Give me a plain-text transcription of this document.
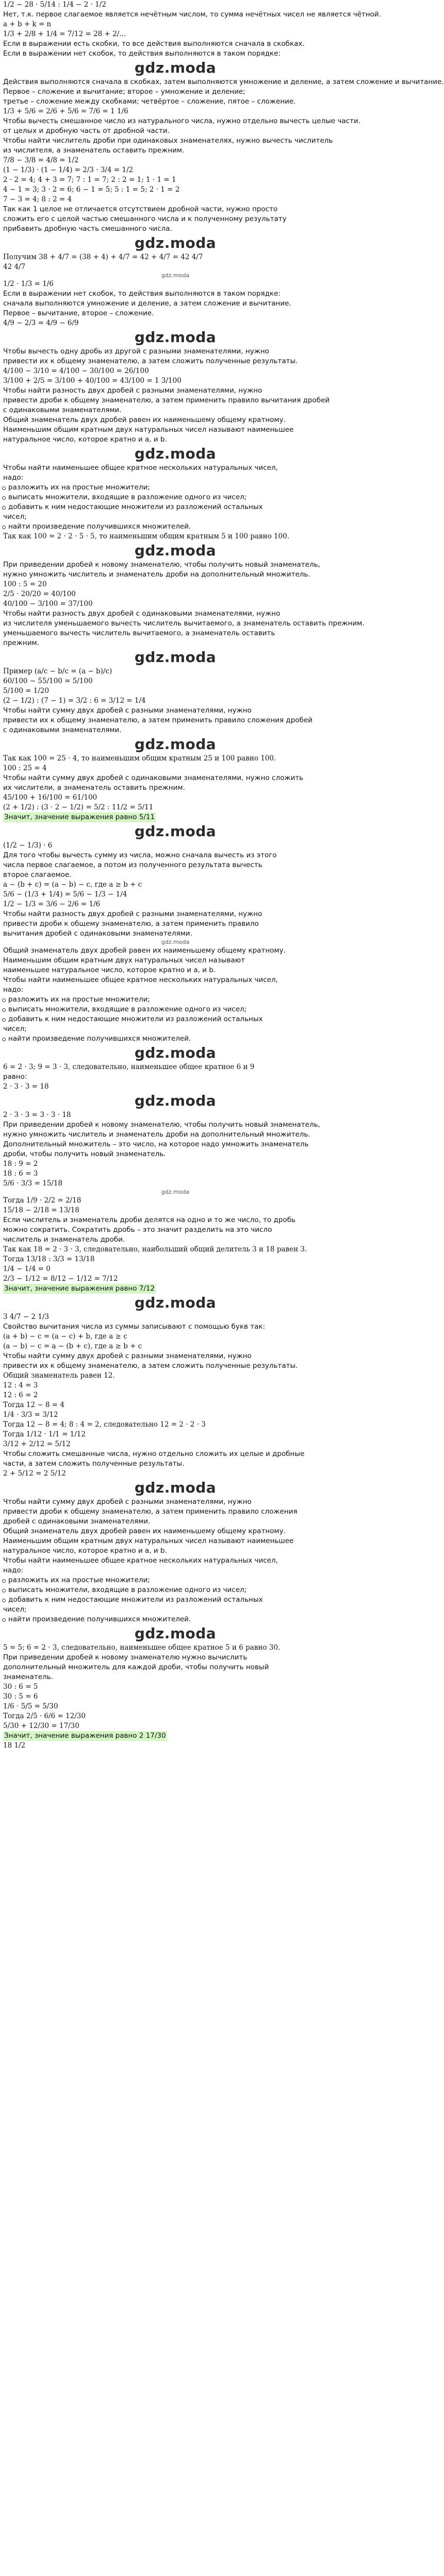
1/2 − 28 · 5/14 : 1/4 − 2 · 1/2
Нет, т.к. первое слагаемое является нечётным числом, то сумма нечётных чисел не является чётной.
a + b + k = n
1/3 + 2/8 + 1/4 = 7/12 = 28 + 2/...
Если в выражении есть скобки, то все действия выполняются сначала в скобках.
Если в выражении нет скобок, то действия выполняются в таком порядке:
gdz.moda
Действия выполняются сначала в скобках, затем выполняются умножение и деление, а затем сложение и вычитание.
Первое – сложение и вычитание; второе – умножение и деление;
третье – сложение между скобками; четвёртое – сложение, пятое – сложение.
1/3 + 5/6 = 2/6 + 5/6 = 7/6 = 1 1/6
Чтобы вычесть смешанное число из натурального числа, нужно отдельно вычесть целые части.
от целых и дробную часть от дробной части.
Чтобы найти числитель дроби при одинаковых знаменателях, нужно вычесть числитель
из числителя, а знаменатель оставить прежним.
7/8 − 3/8 = 4/8 = 1/2
(1 − 1/3) · (1 − 1/4) = 2/3 · 3/4 = 1/2
2 · 2 = 4; 4 + 3 = 7; 7 : 1 = 7; 2 : 2 = 1; 1 · 1 = 1
4 − 1 = 3; 3 · 2 = 6; 6 − 1 = 5; 5 : 1 = 5; 2 · 1 = 2
7 − 3 = 4; 8 : 2 = 4
Так как 1 целое не отличается отсутствием дробной части, нужно просто
сложить его с целой частью смешанного числа и к полученному результату
прибавить дробную часть смешанного числа.
gdz.moda
Получим 38 + 4/7 = (38 + 4) + 4/7 = 42 + 4/7 = 42 4/7
42 4/7
gdz.moda
1/2 · 1/3 = 1/6
Если в выражении нет скобок, то действия выполняются в таком порядке:
сначала выполняются умножение и деление, а затем сложение и вычитание.
Первое – вычитание, второе – сложение.
4/9 − 2/3 = 4/9 − 6/9
gdz.moda
Чтобы вычесть одну дробь из другой с разными знаменателями, нужно
привести их к общему знаменателю, а затем сложить полученные результаты.
4/100 − 3/10 = 4/100 − 30/100 = 26/100
3/100 + 2/5 = 3/100 + 40/100 = 43/100 = 1 3/100
Чтобы найти разность двух дробей с разными знаменателями, нужно
привести дроби к общему знаменателю, а затем применить правило вычитания дробей
с одинаковыми знаменателями.
Общий знаменатель двух дробей равен их наименьшему общему кратному.
Наименьшим общим кратным двух натуральных чисел называют наименьшее
натуральное число, которое кратно и a, и b.
gdz.moda
Чтобы найти наименьшее общее кратное нескольких натуральных чисел,
надо:
разложить их на простые множители;
выписать множители, входящие в разложение одного из чисел;
добавить к ним недостающие множители из разложений остальных
чисел;
найти произведение получившихся множителей.
Так как 100 = 2 · 2 · 5 · 5, то наименьшим общим кратным 5 и 100 равно 100.
gdz.moda
При приведении дробей к новому знаменателю, чтобы получить новый знаменатель,
нужно умножить числитель и знаменатель дроби на дополнительный множитель.
100 : 5 = 20
2/5 · 20/20 = 40/100
40/100 − 3/100 = 37/100
Чтобы найти разность двух дробей с одинаковыми знаменателями, нужно
из числителя уменьшаемого вычесть числитель вычитаемого, а знаменатель оставить прежним.
уменьшаемого вычесть числитель вычитаемого, а знаменатель оставить
прежним.
gdz.moda
Пример (a/c − b/c = (a − b)/c)
60/100 − 55/100 = 5/100
5/100 = 1/20
(2 − 1/2) : (7 − 1) = 3/2 : 6 = 3/12 = 1/4
Чтобы найти сумму двух дробей с разными знаменателями, нужно
привести их к общему знаменателю, а затем применить правило сложения дробей
с одинаковыми знаменателями.
gdz.moda
Так как 100 = 25 · 4, то наименьшим общим кратным 25 и 100 равно 100.
100 : 25 = 4
Чтобы найти сумму двух дробей с одинаковыми знаменателями, нужно сложить
их числители, а знаменатель оставить прежним.
45/100 + 16/100 = 61/100
(2 + 1/2) : (3 · 2 − 1/2) = 5/2 : 11/2 = 5/11
Значит, значение выражения равно 5/11
gdz.moda
(1/2 − 1/3) · 6
Для того чтобы вычесть сумму из числа, можно сначала вычесть из этого
числа первое слагаемое, а потом из полученного результата вычесть
второе слагаемое.
a − (b + c) = (a − b) − c, где a ≥ b + c
5/6 − (1/3 + 1/4) = 5/6 − 1/3 − 1/4
1/2 − 1/3 = 3/6 − 2/6 = 1/6
Чтобы найти разность двух дробей с разными знаменателями, нужно
привести дроби к общему знаменателю, а затем применить правило
вычитания дробей с одинаковыми знаменателями.
gdz.moda
Общий знаменатель двух дробей равен их наименьшему общему кратному.
Наименьшим общим кратным двух натуральных чисел называют
наименьшее натуральное число, которое кратно и a, и b.
Чтобы найти наименьшее общее кратное нескольких натуральных чисел,
надо:
разложить их на простые множители;
выписать множители, входящие в разложение одного из чисел;
добавить к ним недостающие множители из разложений остальных
чисел;
найти произведение получившихся множителей.
gdz.moda
6 = 2 · 3; 9 = 3 · 3, следовательно, наименьшее общее кратное 6 и 9
равно:
2 · 3 · 3 = 18
gdz.moda
2 · 3 · 3 = 3 · 3 · 18
При приведении дробей к новому знаменателю, чтобы получить новый знаменатель,
нужно умножить числитель и знаменатель дроби на дополнительный множитель.
Дополнительный множитель – это число, на которое надо умножить знаменатель
дроби, чтобы получить новый знаменатель.
18 : 9 = 2
18 : 6 = 3
5/6 · 3/3 = 15/18
gdz.moda
Тогда 1/9 · 2/2 = 2/18
15/18 − 2/18 = 13/18
Если числитель и знаменатель дроби делятся на одно и то же число, то дробь
можно сократить. Сократить дробь – это значит разделить на это число
числитель и знаменатель дроби.
Так как 18 = 2 · 3 · 3, следовательно, наибольший общий делитель 3 и 18 равен 3.
Тогда 13/18 : 3/3 = 13/18
1/4 − 1/4 = 0
2/3 − 1/12 = 8/12 − 1/12 = 7/12
Значит, значение выражения равно 7/12
gdz.moda
3 4/7 − 2 1/3
Свойство вычитания числа из суммы записывают с помощью букв так:
(a + b) − c = (a − c) + b, где a ≥ c
(a − b) − c = a − (b + c), где a ≥ b + c
Чтобы найти сумму двух дробей с разными знаменателями, нужно
привести их к общему знаменателю, а затем сложить полученные результаты.
Общий знаменатель равен 12.
12 : 4 = 3
12 : 6 = 2
Тогда 12 − 8 = 4
1/4 · 3/3 = 3/12
Тогда 12 − 8 = 4; 8 : 4 = 2, следовательно 12 = 2 · 2 · 3
Тогда 1/12 · 1/1 = 1/12
3/12 + 2/12 = 5/12
Чтобы сложить смешанные числа, нужно отдельно сложить их целые и дробные
части, а затем сложить полученные результаты.
2 + 5/12 = 2 5/12
gdz.moda
Чтобы найти сумму двух дробей с разными знаменателями, нужно
привести дроби к общему знаменателю, а затем применить правило сложения
дробей с одинаковыми знаменателями.
Общий знаменатель двух дробей равен их наименьшему общему кратному.
Наименьшим общим кратным двух натуральных чисел называют наименьшее
натуральное число, которое кратно и a, и b.
Чтобы найти наименьшее общее кратное нескольких натуральных чисел,
надо:
разложить их на простые множители;
выписать множители, входящие в разложение одного из чисел;
добавить к ним недостающие множители из разложений остальных
чисел;
найти произведение получившихся множителей.
gdz.moda
5 = 5; 6 = 2 · 3, следовательно, наименьшее общее кратное 5 и 6 равно 30.
При приведении дробей к новому знаменателю нужно вычислить
дополнительный множитель для каждой дроби, чтобы получить новый
знаменатель.
30 : 6 = 5
30 : 5 = 6
1/6 · 5/5 = 5/30
Тогда 2/5 · 6/6 = 12/30
5/30 + 12/30 = 17/30
Значит, значение выражения равно 2 17/30
18 1/2
